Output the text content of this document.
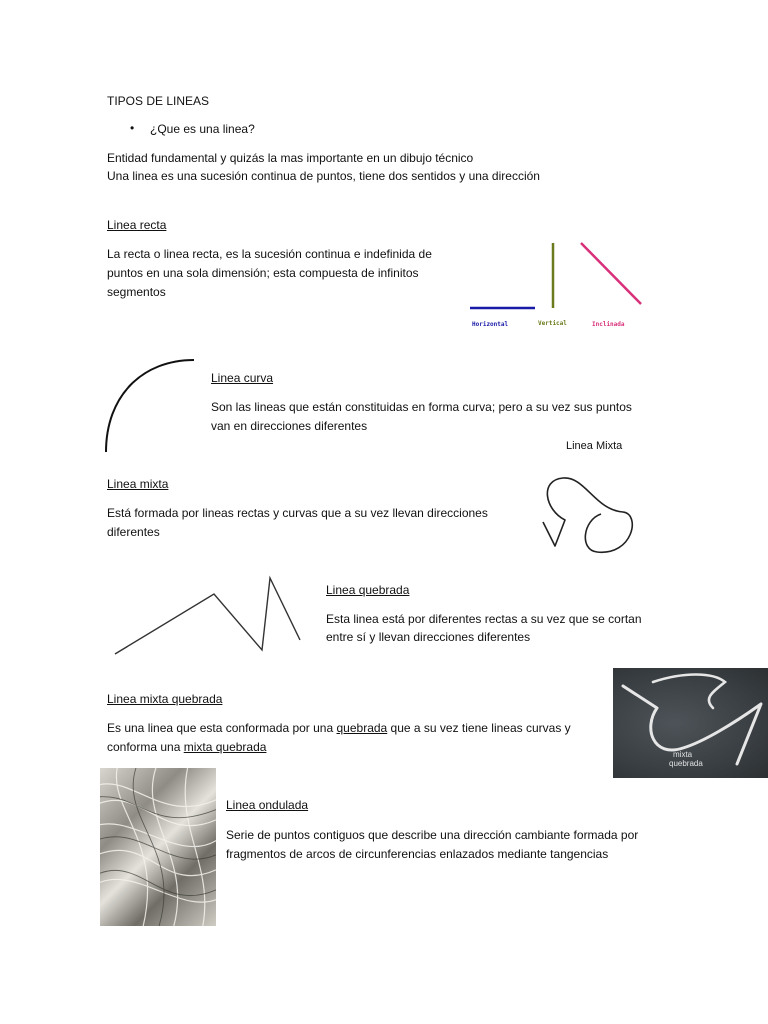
TIPOS DE LINEAS
• ¿Que es una linea?
Entidad fundamental y quizás la mas importante en un dibujo técnico
Una linea es una sucesión continua de puntos, tiene dos sentidos y una dirección
Linea recta
La recta o linea recta, es la sucesión continua e indefinida de
puntos en una sola dimensión; esta compuesta de infinitos
segmentos
Horizontal	Vertical	Inclinada
Linea curva
Son las lineas que están constituidas en forma curva; pero a su vez sus puntos
van en direcciones diferentes
Linea Mixta
Linea mixta
Está formada por lineas rectas y curvas que a su vez llevan direcciones
diferentes
Linea quebrada
Esta linea está por diferentes rectas a su vez que se cortan
entre sí y llevan direcciones diferentes
Linea mixta quebrada
Es una linea que esta conformada por una quebrada que a su vez tiene lineas curvas y
conforma una mixta quebrada
mixta
quebrada
Linea ondulada
Serie de puntos contiguos que describe una dirección cambiante formada por
fragmentos de arcos de circunferencias enlazados mediante tangencias
